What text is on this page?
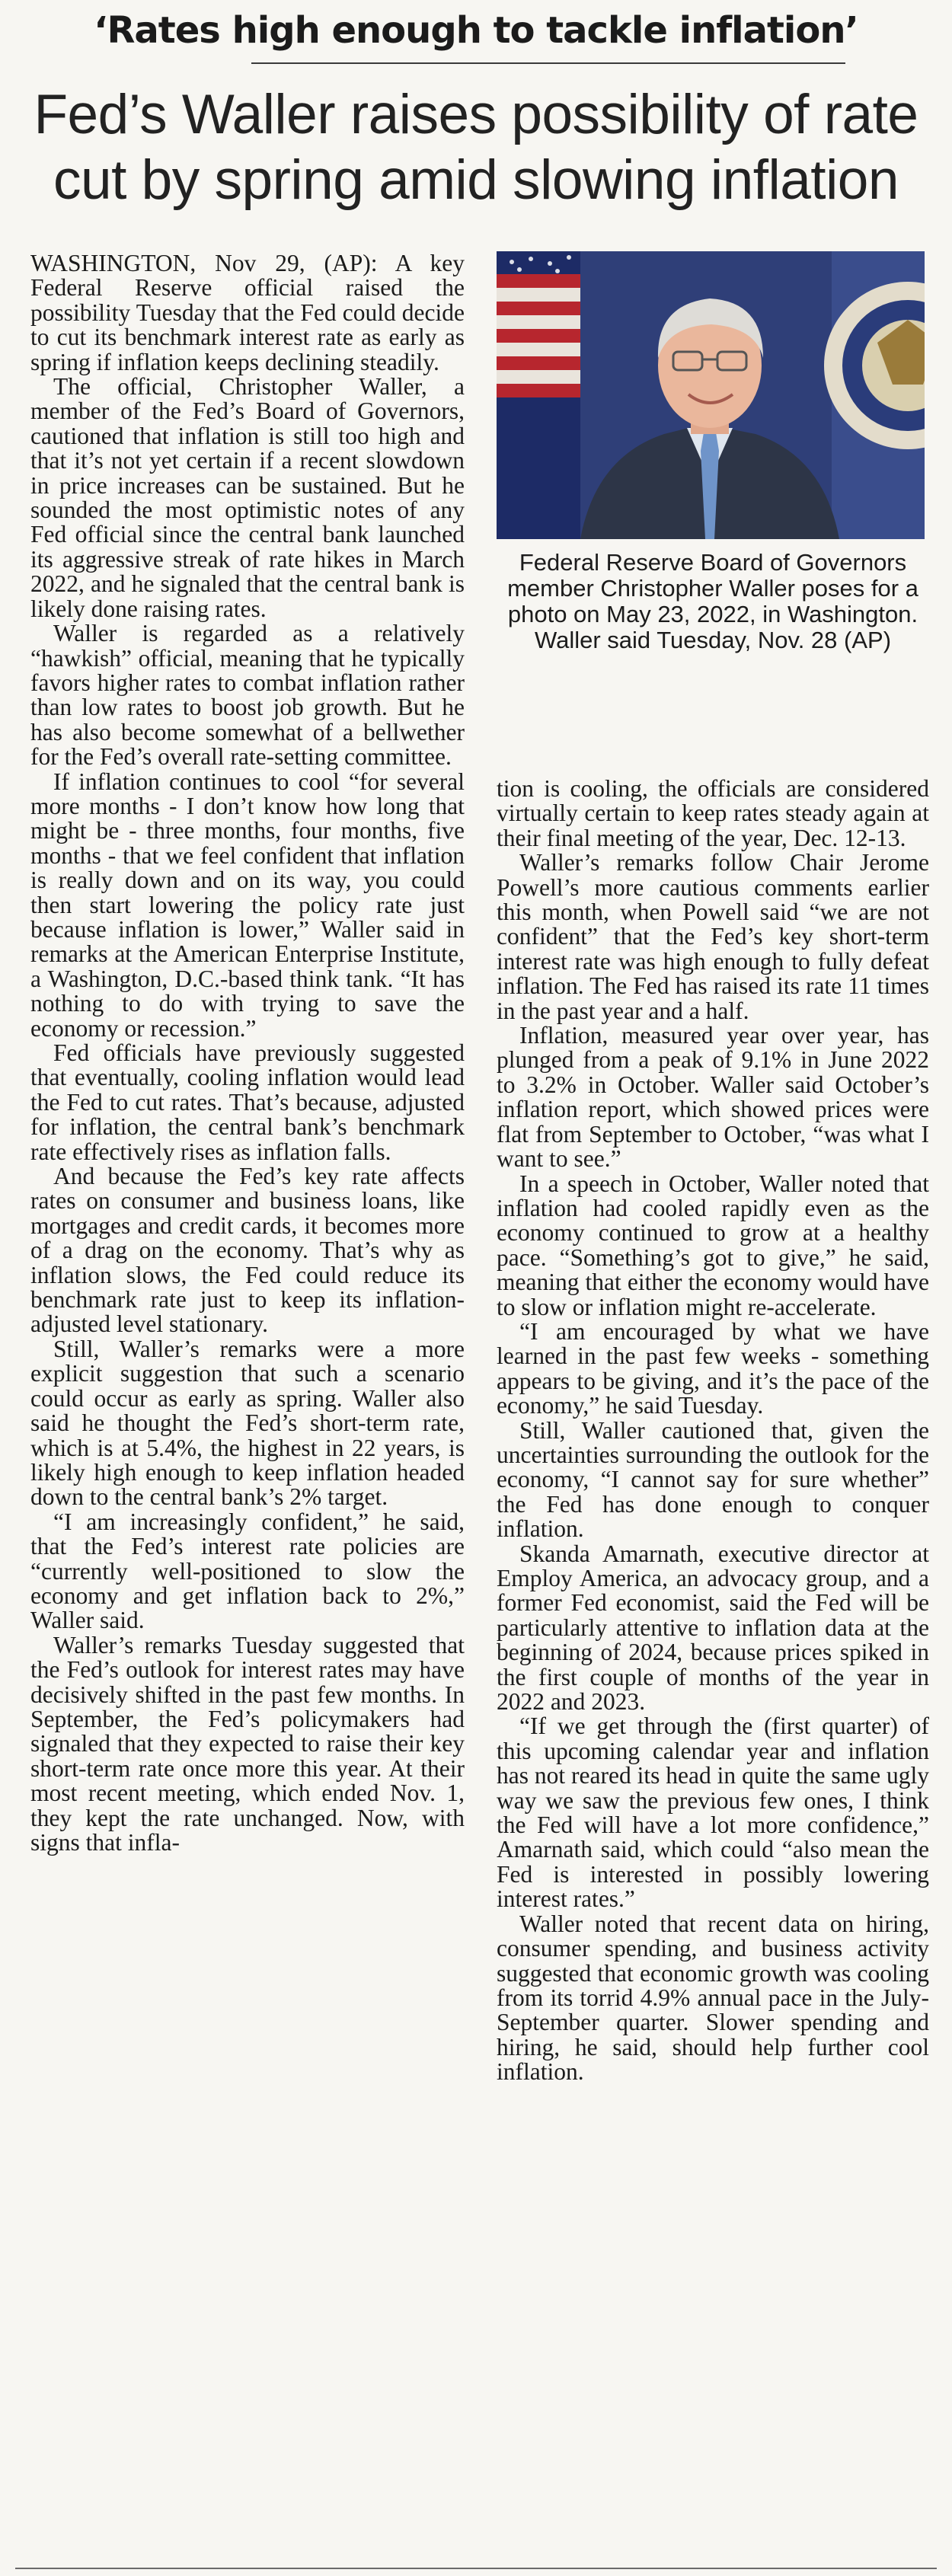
‘Rates high enough to tackle inflation’
Fed’s Waller raises possibility of rate cut by spring amid slowing inflation

WASHINGTON, Nov 29, (AP): A key Federal Reserve official raised the possibility Tuesday that the Fed could decide to cut its benchmark interest rate as early as spring if inflation keeps declining steadily.

The official, Christopher Waller, a member of the Fed’s Board of Governors, cautioned that inflation is still too high and that it’s not yet certain if a recent slowdown in price increases can be sustained. But he sounded the most optimistic notes of any Fed official since the central bank launched its aggressive streak of rate hikes in March 2022, and he signaled that the central bank is likely done raising rates.

Waller is regarded as a relatively “hawkish” official, meaning that he typically favors higher rates to combat inflation rather than low rates to boost job growth. But he has also become somewhat of a bellwether for the Fed’s overall rate-setting committee.

If inflation continues to cool “for several more months - I don’t know how long that might be - three months, four months, five months - that we feel confident that inflation is really down and on its way, you could then start lowering the policy rate just because inflation is lower,” Waller said in remarks at the American Enterprise Institute, a Washington, D.C.-based think tank. “It has nothing to do with trying to save the economy or recession.”

Fed officials have previously suggested that eventually, cooling inflation would lead the Fed to cut rates. That’s because, adjusted for inflation, the central bank’s benchmark rate effectively rises as inflation falls.

And because the Fed’s key rate affects rates on consumer and business loans, like mortgages and credit cards, it becomes more of a drag on the economy. That’s why as inflation slows, the Fed could reduce its benchmark rate just to keep its inflation-adjusted level stationary.

Still, Waller’s remarks were a more explicit suggestion that such a scenario could occur as early as spring. Waller also said he thought the Fed’s short-term rate, which is at 5.4%, the highest in 22 years, is likely high enough to keep inflation headed down to the central bank’s 2% target.

“I am increasingly confident,” he said, that the Fed’s interest rate policies are “currently well-positioned to slow the economy and get inflation back to 2%,” Waller said.

Waller’s remarks Tuesday suggested that the Fed’s outlook for interest rates may have decisively shifted in the past few months. In September, the Fed’s policymakers had signaled that they expected to raise their key short-term rate once more this year. At their most recent meeting, which ended Nov. 1, they kept the rate unchanged. Now, with signs that infla-

Federal Reserve Board of Governors member Christopher Waller poses for a photo on May 23, 2022, in Washington. Waller said Tuesday, Nov. 28 (AP)

tion is cooling, the officials are considered virtually certain to keep rates steady again at their final meeting of the year, Dec. 12-13.

Waller’s remarks follow Chair Jerome Powell’s more cautious comments earlier this month, when Powell said “we are not confident” that the Fed’s key short-term interest rate was high enough to fully defeat inflation. The Fed has raised its rate 11 times in the past year and a half.

Inflation, measured year over year, has plunged from a peak of 9.1% in June 2022 to 3.2% in October. Waller said October’s inflation report, which showed prices were flat from September to October, “was what I want to see.”

In a speech in October, Waller noted that inflation had cooled rapidly even as the economy continued to grow at a healthy pace. “Something’s got to give,” he said, meaning that either the economy would have to slow or inflation might re-accelerate.

“I am encouraged by what we have learned in the past few weeks - something appears to be giving, and it’s the pace of the economy,” he said Tuesday.

Still, Waller cautioned that, given the uncertainties surrounding the outlook for the economy, “I cannot say for sure whether” the Fed has done enough to conquer inflation.

Skanda Amarnath, executive director at Employ America, an advocacy group, and a former Fed economist, said the Fed will be particularly attentive to inflation data at the beginning of 2024, because prices spiked in the first couple of months of the year in 2022 and 2023.

“If we get through the (first quarter) of this upcoming calendar year and inflation has not reared its head in quite the same ugly way we saw the previous few ones, I think the Fed will have a lot more confidence,” Amarnath said, which could “also mean the Fed is interested in possibly lowering interest rates.”

Waller noted that recent data on hiring, consumer spending, and business activity suggested that economic growth was cooling from its torrid 4.9% annual pace in the July-September quarter. Slower spending and hiring, he said, should help further cool inflation.
